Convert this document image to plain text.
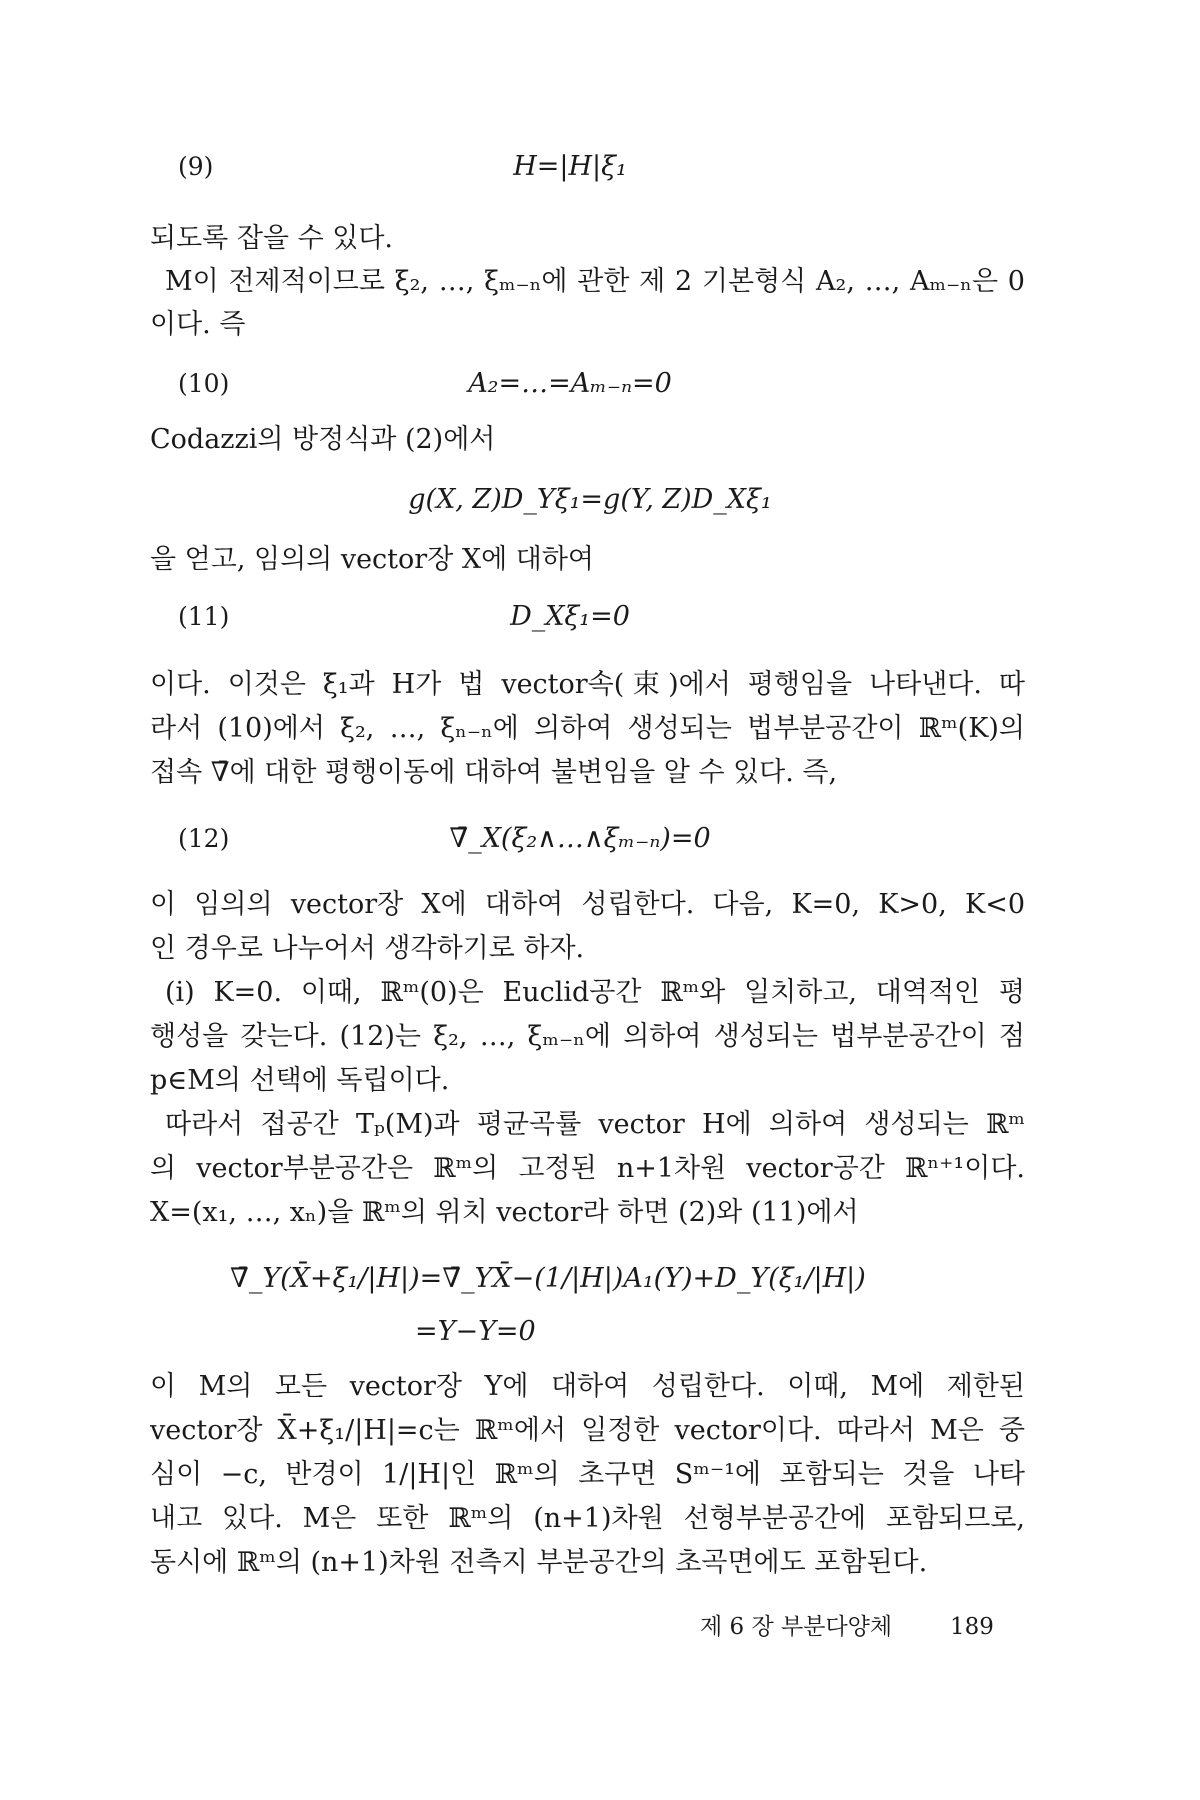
(9)	H=|H|ξ₁
되도록 잡을 수 있다.
M이 전제적이므로 ξ₂, …, ξₘ₋ₙ에 관한 제 2 기본형식 A₂, …, Aₘ₋ₙ은 0
이다. 즉
(10)	A₂=…=Aₘ₋ₙ=0
Codazzi의 방정식과 (2)에서
g(X, Z)D_Yξ₁=g(Y, Z)D_Xξ₁
을 얻고, 임의의 vector장 X에 대하여
(11)	D_Xξ₁=0
이다. 이것은 ξ₁과 H가 법 vector속(束)에서 평행임을 나타낸다. 따
라서 (10)에서 ξ₂, …, ξₙ₋ₙ에 의하여 생성되는 법부분공간이 ℝᵐ(K)의
접속 ∇̄에 대한 평행이동에 대하여 불변임을 알 수 있다. 즉,
(12)	∇̄_X(ξ₂∧…∧ξₘ₋ₙ)=0
이 임의의 vector장 X에 대하여 성립한다. 다음, K=0, K>0, K<0
인 경우로 나누어서 생각하기로 하자.
(i) K=0. 이때, ℝᵐ(0)은 Euclid공간 ℝᵐ와 일치하고, 대역적인 평
행성을 갖는다. (12)는 ξ₂, …, ξₘ₋ₙ에 의하여 생성되는 법부분공간이 점
p∈M의 선택에 독립이다.
따라서 접공간 Tₚ(M)과 평균곡률 vector H에 의하여 생성되는 ℝᵐ
의 vector부분공간은 ℝᵐ의 고정된 n+1차원 vector공간 ℝⁿ⁺¹이다.
X=(x₁, …, xₙ)을 ℝᵐ의 위치 vector라 하면 (2)와 (11)에서
∇̄_Y(X̄+ξ₁/|H|)=∇̄_YX̄−(1/|H|)A₁(Y)+D_Y(ξ₁/|H|)
=Y−Y=0
이 M의 모든 vector장 Y에 대하여 성립한다. 이때, M에 제한된
vector장 X̄+ξ₁/|H|=c는 ℝᵐ에서 일정한 vector이다. 따라서 M은 중
심이 −c, 반경이 1/|H|인 ℝᵐ의 초구면 Sᵐ⁻¹에 포함되는 것을 나타
내고 있다. M은 또한 ℝᵐ의 (n+1)차원 선형부분공간에 포함되므로,
동시에 ℝᵐ의 (n+1)차원 전측지 부분공간의 초곡면에도 포함된다.
제 6 장 부분다양체	189
